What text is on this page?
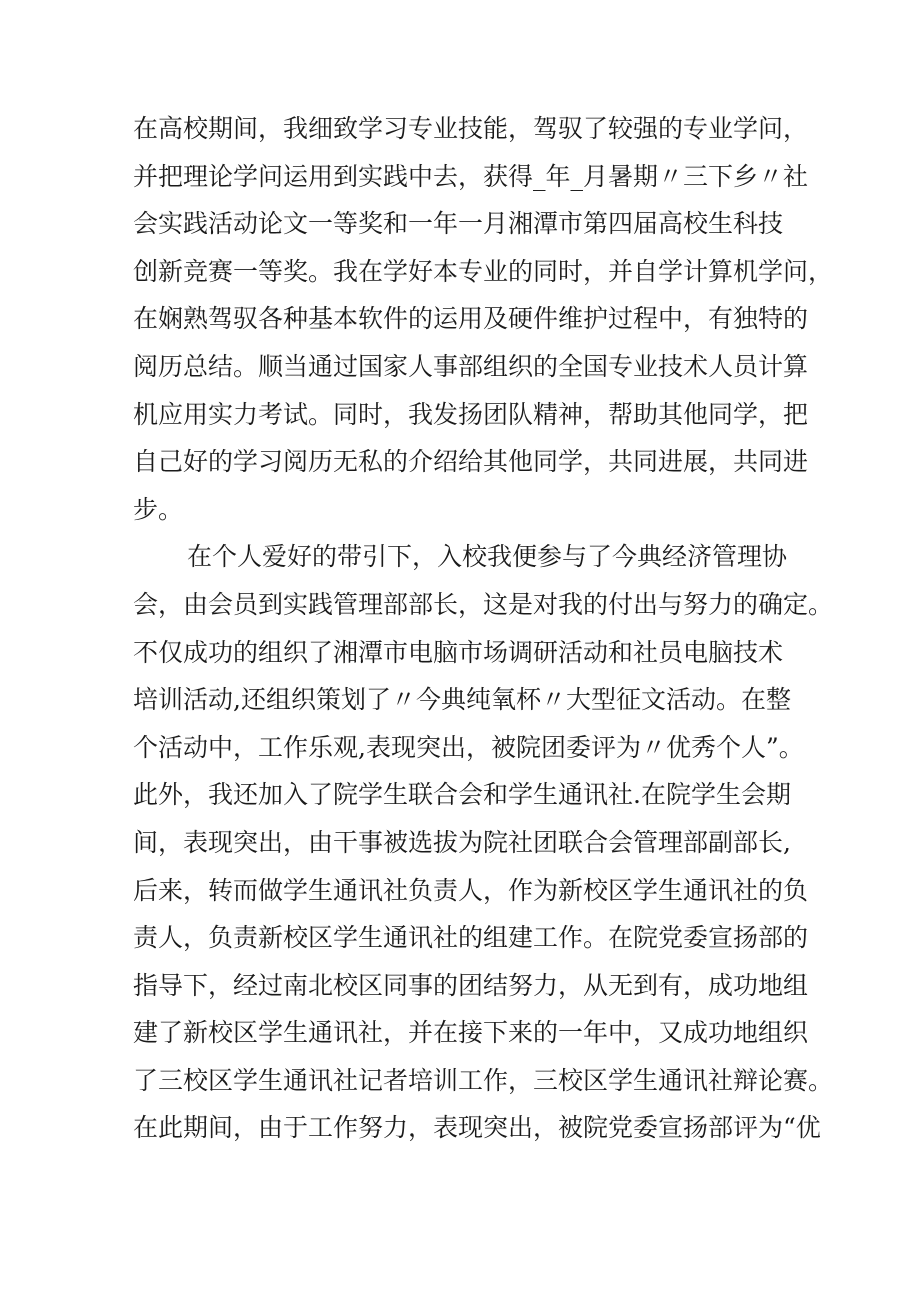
在高校期间，我细致学习专业技能，驾驭了较强的专业学问，
并把理论学问运用到实践中去，获得_年_月暑期〃三下乡〃社
会实践活动论文一等奖和一年一月湘潭市第四届高校生科技
创新竞赛一等奖。我在学好本专业的同时，并自学计算机学问，
在娴熟驾驭各种基本软件的运用及硬件维护过程中，有独特的
阅历总结。顺当通过国家人事部组织的全国专业技术人员计算
机应用实力考试。同时，我发扬团队精神，帮助其他同学，把
自己好的学习阅历无私的介绍给其他同学，共同进展，共同进
步。
在个人爱好的带引下，入校我便参与了今典经济管理协
会，由会员到实践管理部部长，这是对我的付出与努力的确定。
不仅成功的组织了湘潭市电脑市场调研活动和社员电脑技术
培训活动,还组织策划了〃今典纯氧杯〃大型征文活动。在整
个活动中，工作乐观,表现突出，被院团委评为〃优秀个人”。
此外，我还加入了院学生联合会和学生通讯社.在院学生会期
间，表现突出，由干事被选拔为院社团联合会管理部副部长,
后来，转而做学生通讯社负责人，作为新校区学生通讯社的负
责人，负责新校区学生通讯社的组建工作。在院党委宣扬部的
指导下，经过南北校区同事的团结努力，从无到有，成功地组
建了新校区学生通讯社，并在接下来的一年中，又成功地组织
了三校区学生通讯社记者培训工作，三校区学生通讯社辩论赛。
在此期间，由于工作努力，表现突出，被院党委宣扬部评为“优
